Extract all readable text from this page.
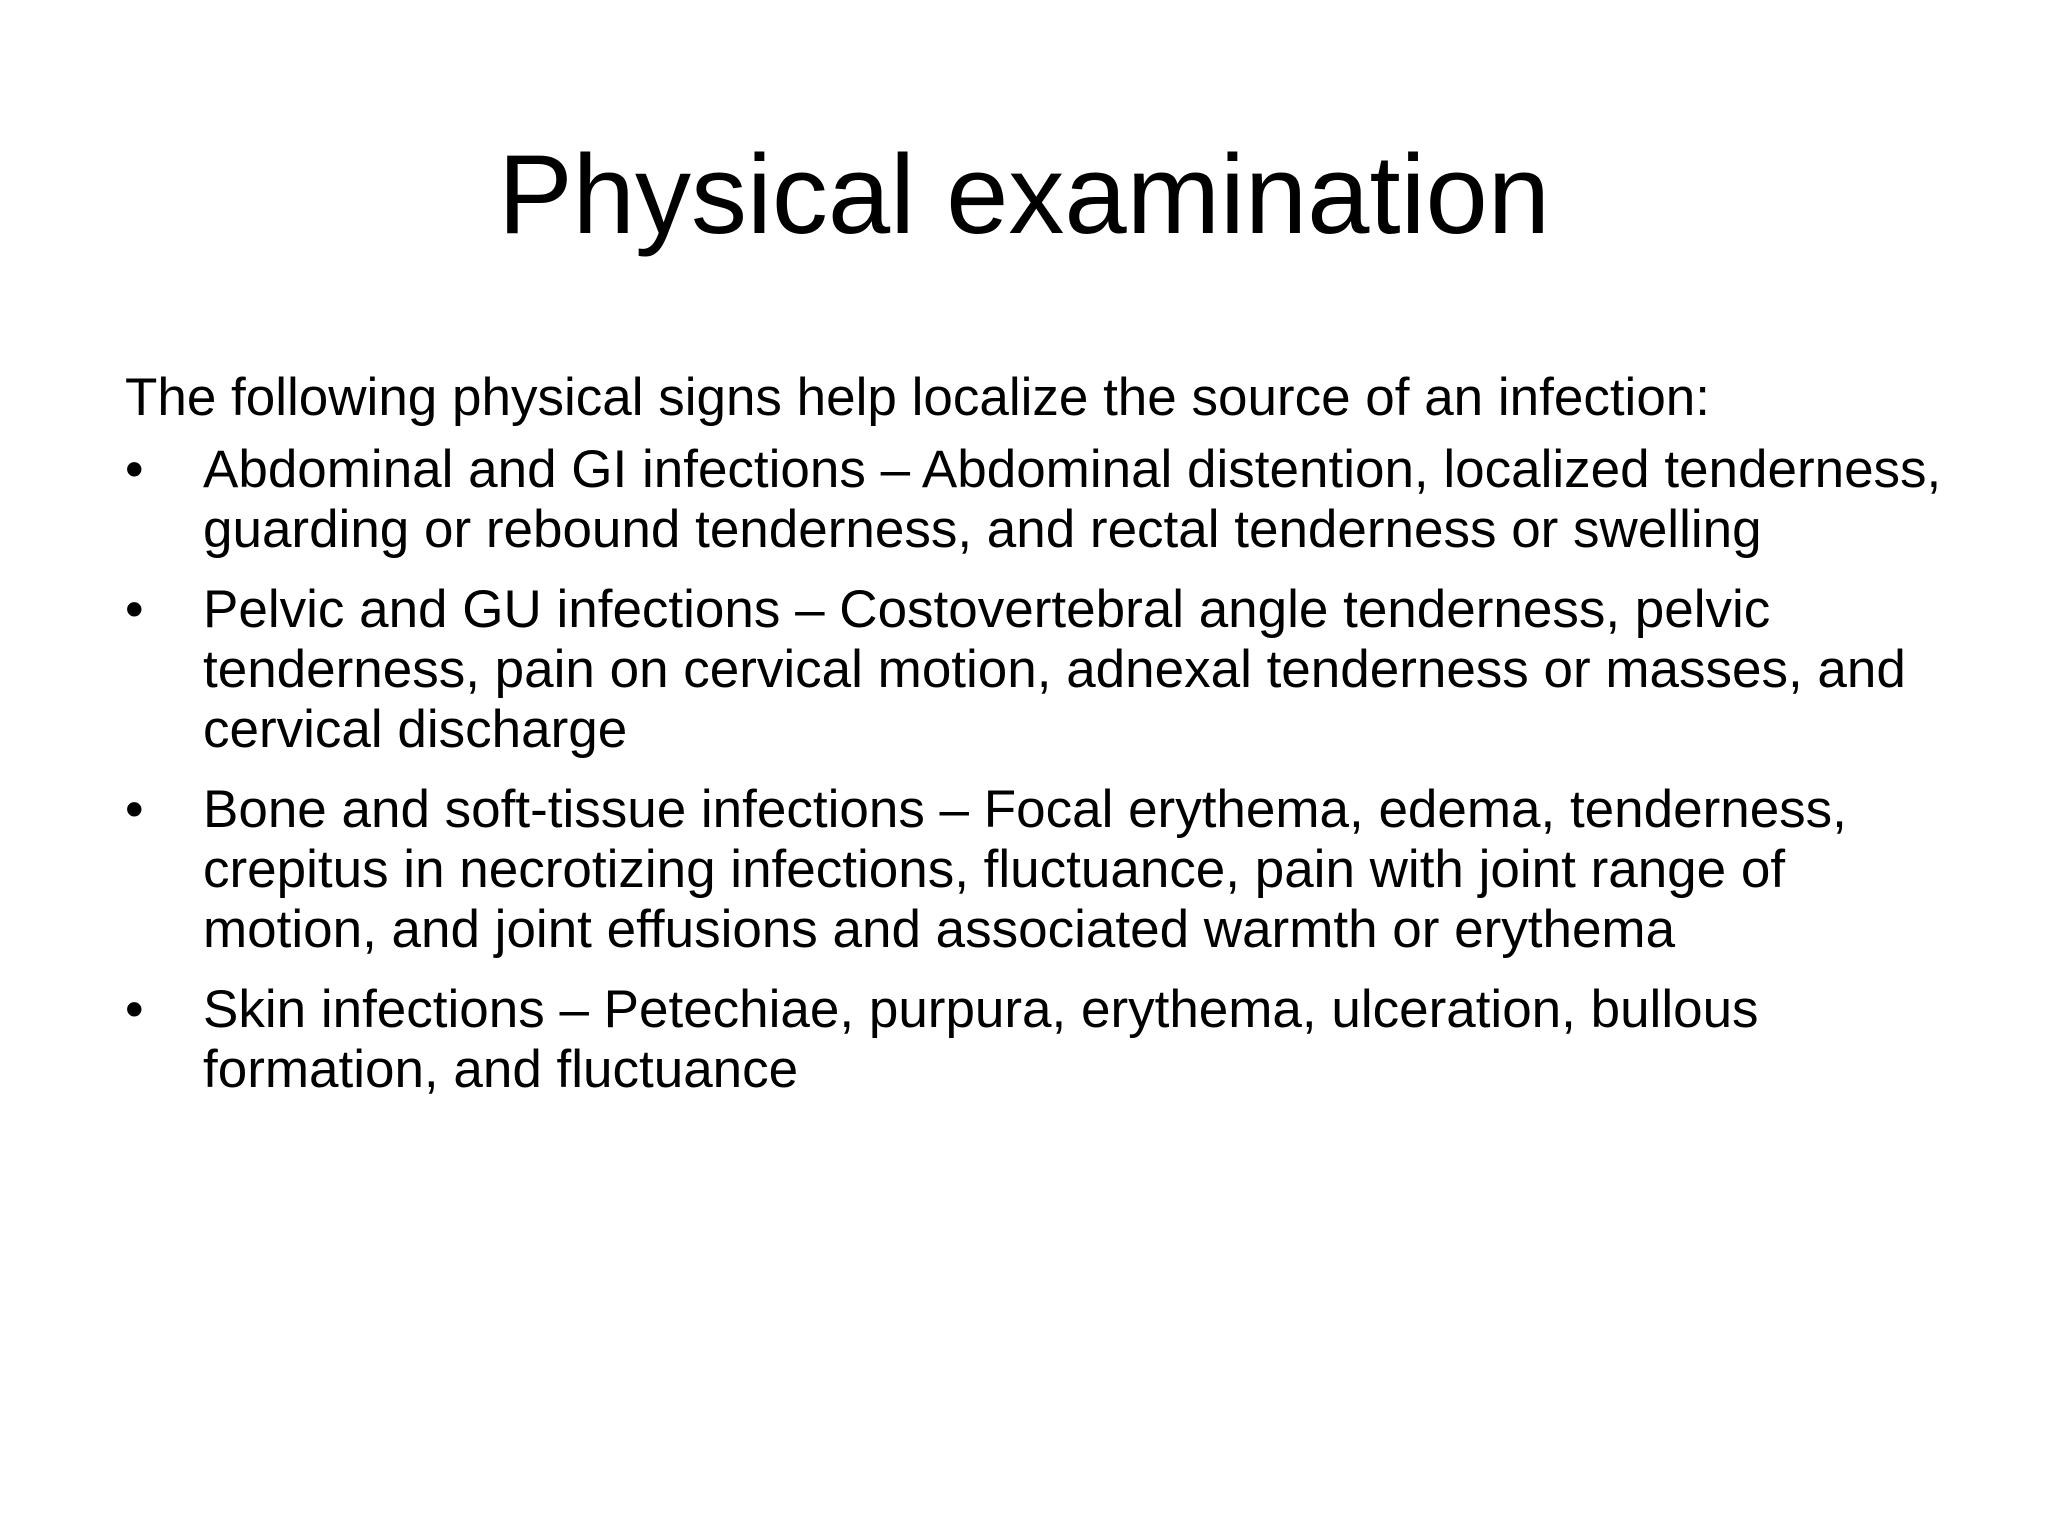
Physical examination

The following physical signs help localize the source of an infection:

•	Abdominal and GI infections – Abdominal distention, localized tenderness, guarding or rebound tenderness, and rectal tenderness or swelling
•	Pelvic and GU infections – Costovertebral angle tenderness, pelvic tenderness, pain on cervical motion, adnexal tenderness or masses, and cervical discharge
•	Bone and soft-tissue infections – Focal erythema, edema, tenderness, crepitus in necrotizing infections, fluctuance, pain with joint range of motion, and joint effusions and associated warmth or erythema
•	Skin infections – Petechiae, purpura, erythema, ulceration, bullous formation, and fluctuance
